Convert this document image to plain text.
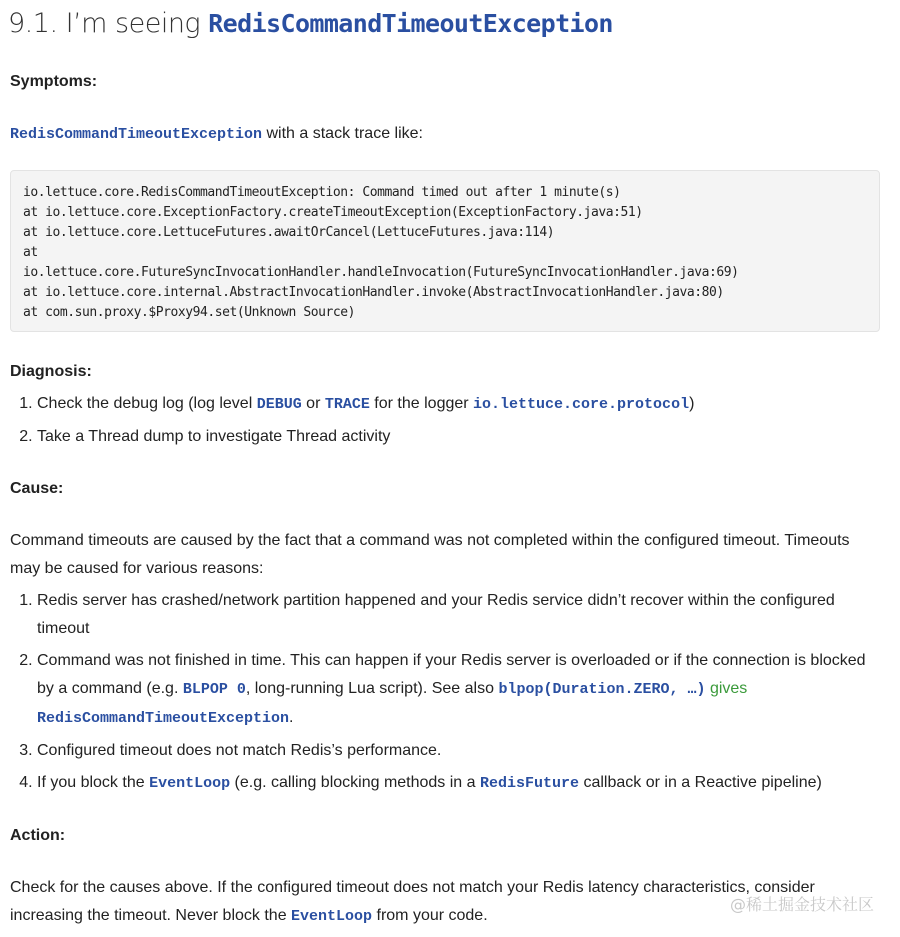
9.1. I’m seeing RedisCommandTimeoutException
Symptoms:

RedisCommandTimeoutException with a stack trace like:

io.lettuce.core.RedisCommandTimeoutException: Command timed out after 1 minute(s)
at io.lettuce.core.ExceptionFactory.createTimeoutException(ExceptionFactory.java:51)
at io.lettuce.core.LettuceFutures.awaitOrCancel(LettuceFutures.java:114)
at
io.lettuce.core.FutureSyncInvocationHandler.handleInvocation(FutureSyncInvocationHandler.java:69)
at io.lettuce.core.internal.AbstractInvocationHandler.invoke(AbstractInvocationHandler.java:80)
at com.sun.proxy.$Proxy94.set(Unknown Source)
Diagnosis:
1. Check the debug log (log level DEBUG or TRACE for the logger io.lettuce.core.protocol)
2. Take a Thread dump to investigate Thread activity
Cause:

Command timeouts are caused by the fact that a command was not completed within the configured timeout. Timeouts may be caused for various reasons:

1. Redis server has crashed/network partition happened and your Redis service didn’t recover within the configured timeout
2. Command was not finished in time. This can happen if your Redis server is overloaded or if the connection is blocked by a command (e.g. BLPOP 0, long-running Lua script). See also blpop(Duration.ZERO, …) gives
RedisCommandTimeoutException.
3. Configured timeout does not match Redis’s performance.
4. If you block the EventLoop (e.g. calling blocking methods in a RedisFuture callback or in a Reactive pipeline)
Action:

Check for the causes above. If the configured timeout does not match your Redis latency characteristics, consider increasing the timeout. Never block the EventLoop from your code.

@稀土掘金技术社区
